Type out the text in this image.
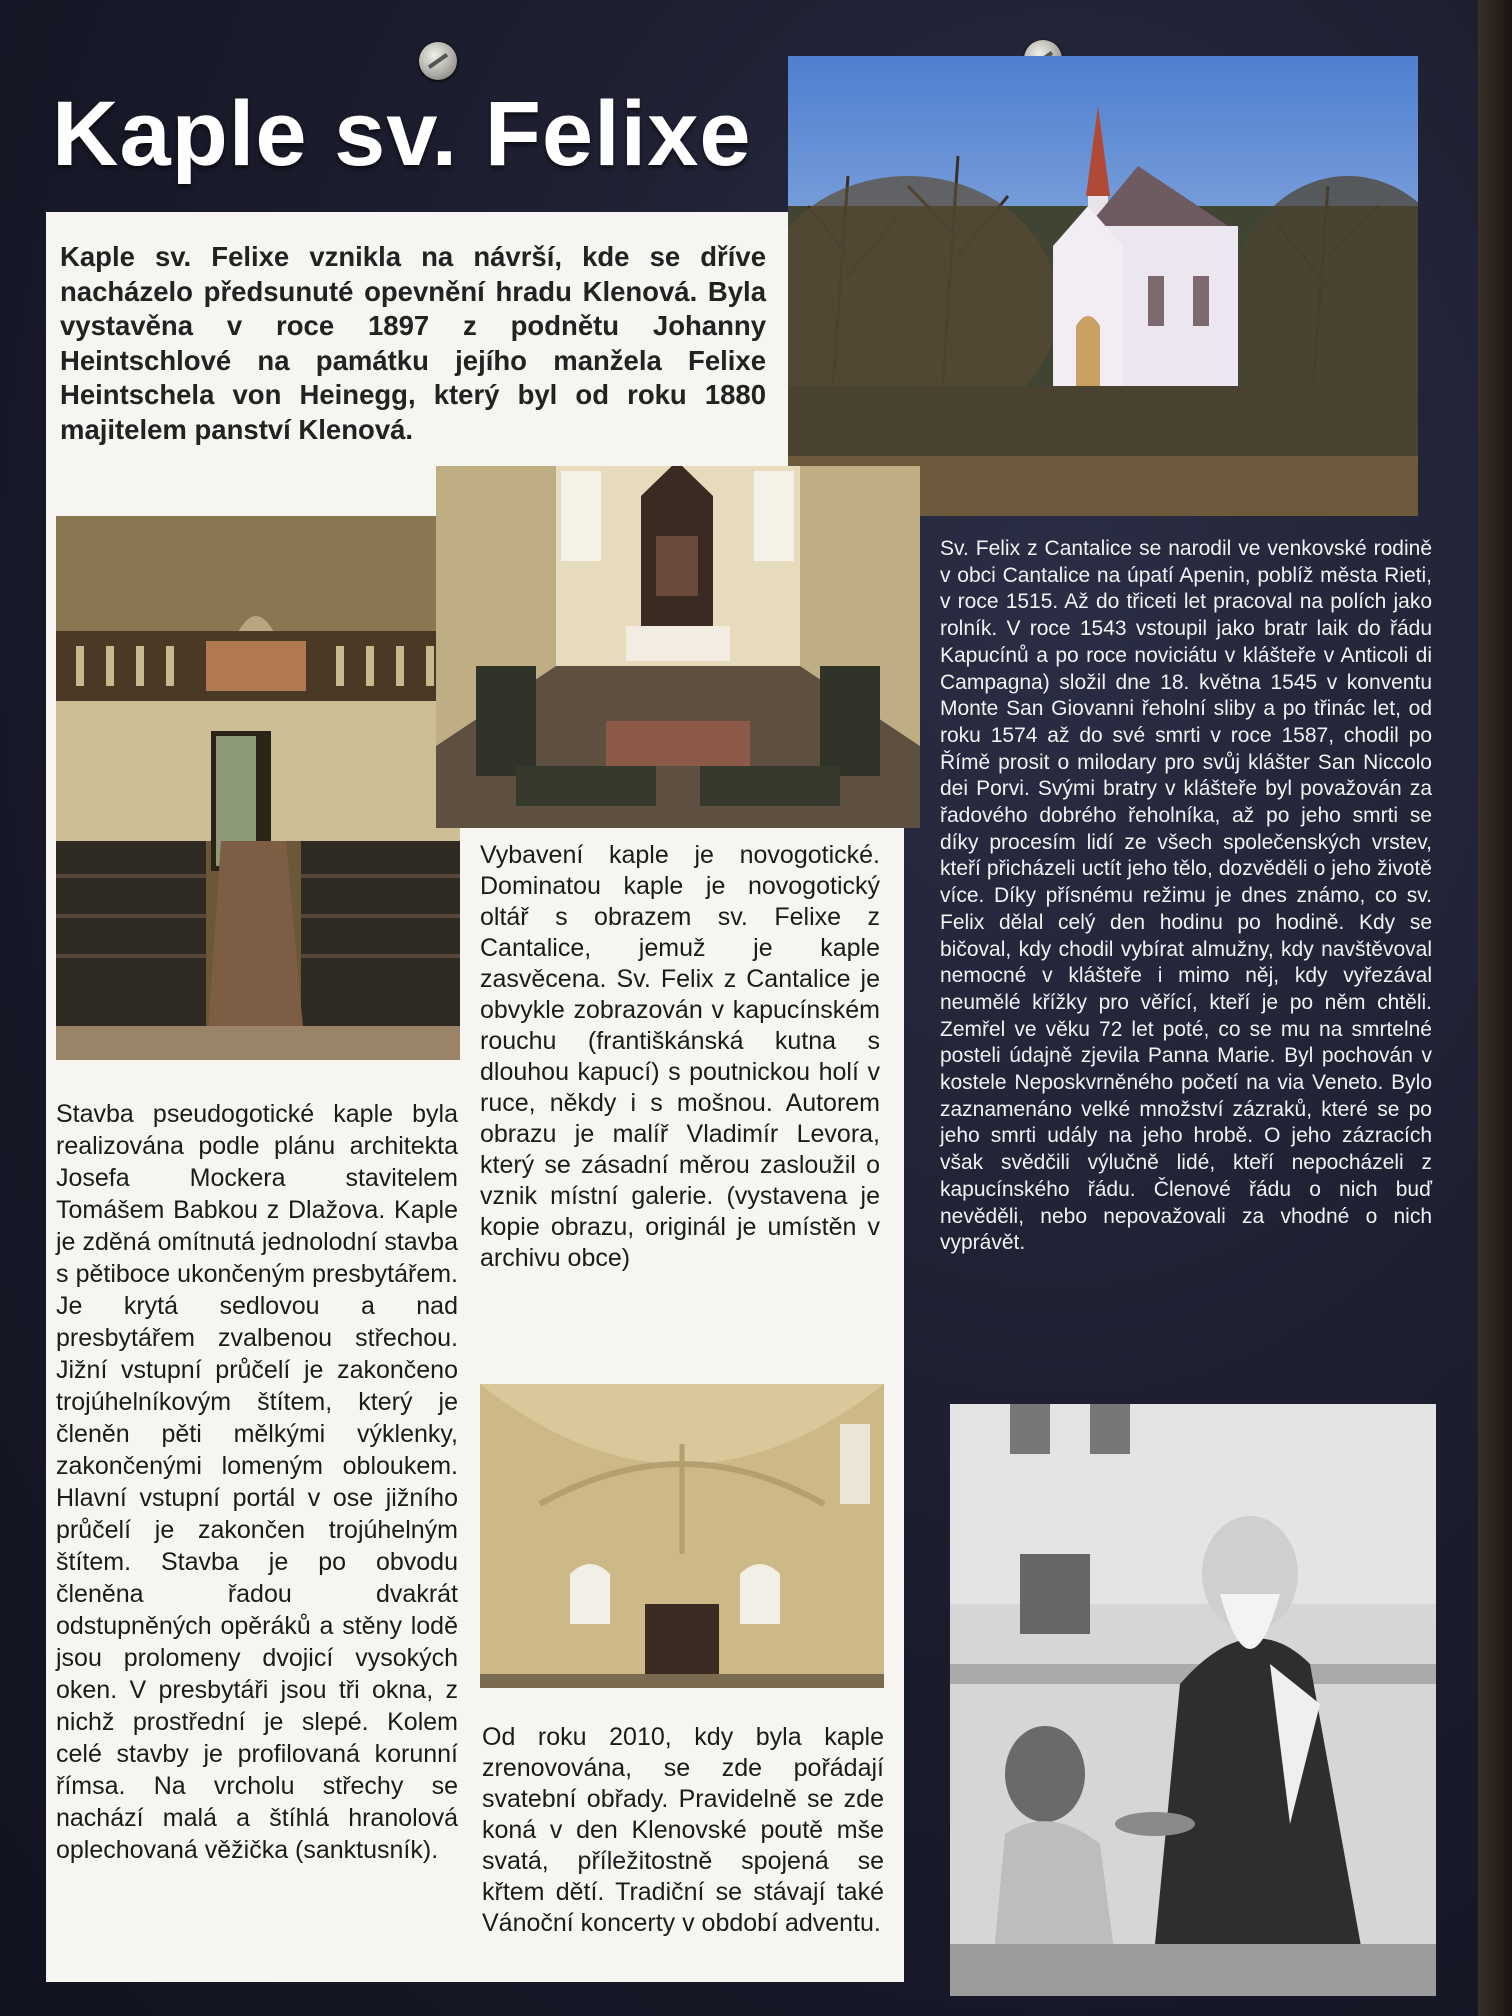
Kaple sv. Felixe

Kaple sv. Felixe vznikla na návrší, kde se dříve nacházelo předsunuté opevnění hradu Klenová. Byla vystavěna v roce 1897 z podnětu Johanny Heintschlové na památku jejího manžela Felixe Heintschela von Heinegg, který byl od roku 1880 majitelem panství Klenová.

Stavba pseudogotické kaple byla realizována podle plánu architekta Josefa Mockera stavitelem Tomášem Babkou z Dlažova. Kaple je zděná omítnutá jednolodní stavba s pětiboce ukončeným presbytářem. Je krytá sedlovou a nad presbytářem zvalbenou střechou. Jižní vstupní průčelí je zakončeno trojúhelníkovým štítem, který je členěn pěti mělkými výklenky, zakončenými lomeným obloukem. Hlavní vstupní portál v ose jižního průčelí je zakončen trojúhelným štítem. Stavba je po obvodu členěna řadou dvakrát odstupněných opěráků a stěny lodě jsou prolomeny dvojicí vysokých oken. V presbytáři jsou tři okna, z nichž prostřední je slepé. Kolem celé stavby je profilovaná korunní římsa. Na vrcholu střechy se nachází malá a štíhlá hranolová oplechovaná věžička (sanktusník).

Vybavení kaple je novogotické. Dominatou kaple je novogotický oltář s obrazem sv. Felixe z Cantalice, jemuž je kaple zasvěcena. Sv. Felix z Cantalice je obvykle zobrazován v kapucínském rouchu (františkánská kutna s dlouhou kapucí) s poutnickou holí v ruce, někdy i s mošnou. Autorem obrazu je malíř Vladimír Levora, který se zásadní měrou zasloužil o vznik místní galerie. (vystavena je kopie obrazu, originál je umístěn v archivu obce)

Od roku 2010, kdy byla kaple zrenovována, se zde pořádají svatební obřady. Pravidelně se zde koná v den Klenovské poutě mše svatá, příležitostně spojená se křtem dětí. Tradiční se stávají také Vánoční koncerty v období adventu.

Sv. Felix z Cantalice se narodil ve venkovské rodině v obci Cantalice na úpatí Apenin, poblíž města Rieti, v roce 1515. Až do třiceti let pracoval na polích jako rolník. V roce 1543 vstoupil jako bratr laik do řádu Kapucínů a po roce noviciátu v klášteře v Anticoli di Campagna) složil dne 18. května 1545 v konventu Monte San Giovanni řeholní sliby a po třinác let, od roku 1574 až do své smrti v roce 1587, chodil po Římě prosit o milodary pro svůj klášter San Niccolo dei Porvi. Svými bratry v klášteře byl považován za řadového dobrého řeholníka, až po jeho smrti se díky procesím lidí ze všech společenských vrstev, kteří přicházeli uctít jeho tělo, dozvěděli o jeho životě více. Díky přísnému režimu je dnes známo, co sv. Felix dělal celý den hodinu po hodině. Kdy se bičoval, kdy chodil vybírat almužny, kdy navštěvoval nemocné v klášteře i mimo něj, kdy vyřezával neumělé křížky pro věřící, kteří je po něm chtěli. Zemřel ve věku 72 let poté, co se mu na smrtelné posteli údajně zjevila Panna Marie. Byl pochován v kostele Neposkvrněného početí na via Veneto. Bylo zaznamenáno velké množství zázraků, které se po jeho smrti udály na jeho hrobě. O jeho zázracích však svědčili výlučně lidé, kteří nepocházeli z kapucínského řádu. Členové řádu o nich buď nevěděli, nebo nepovažovali za vhodné o nich vyprávět.
